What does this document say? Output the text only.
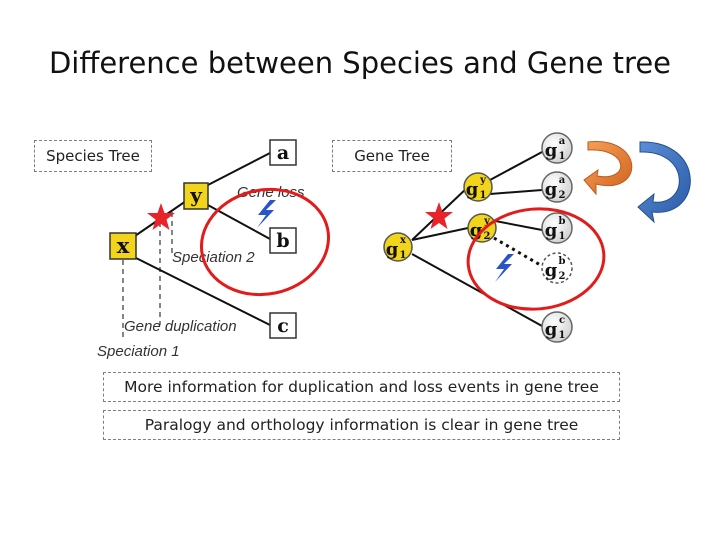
Difference between Species and Gene tree
x
y
a
b
c
Gene loss
Speciation 2
Gene duplication
Speciation 1
g x
1
g y
1
g y
2
g a
1
g a
2
g b
1
g b
2
g c
1
Species Tree	Gene Tree
More information for duplication and loss events in gene tree
Paralogy and orthology information is clear in gene tree
